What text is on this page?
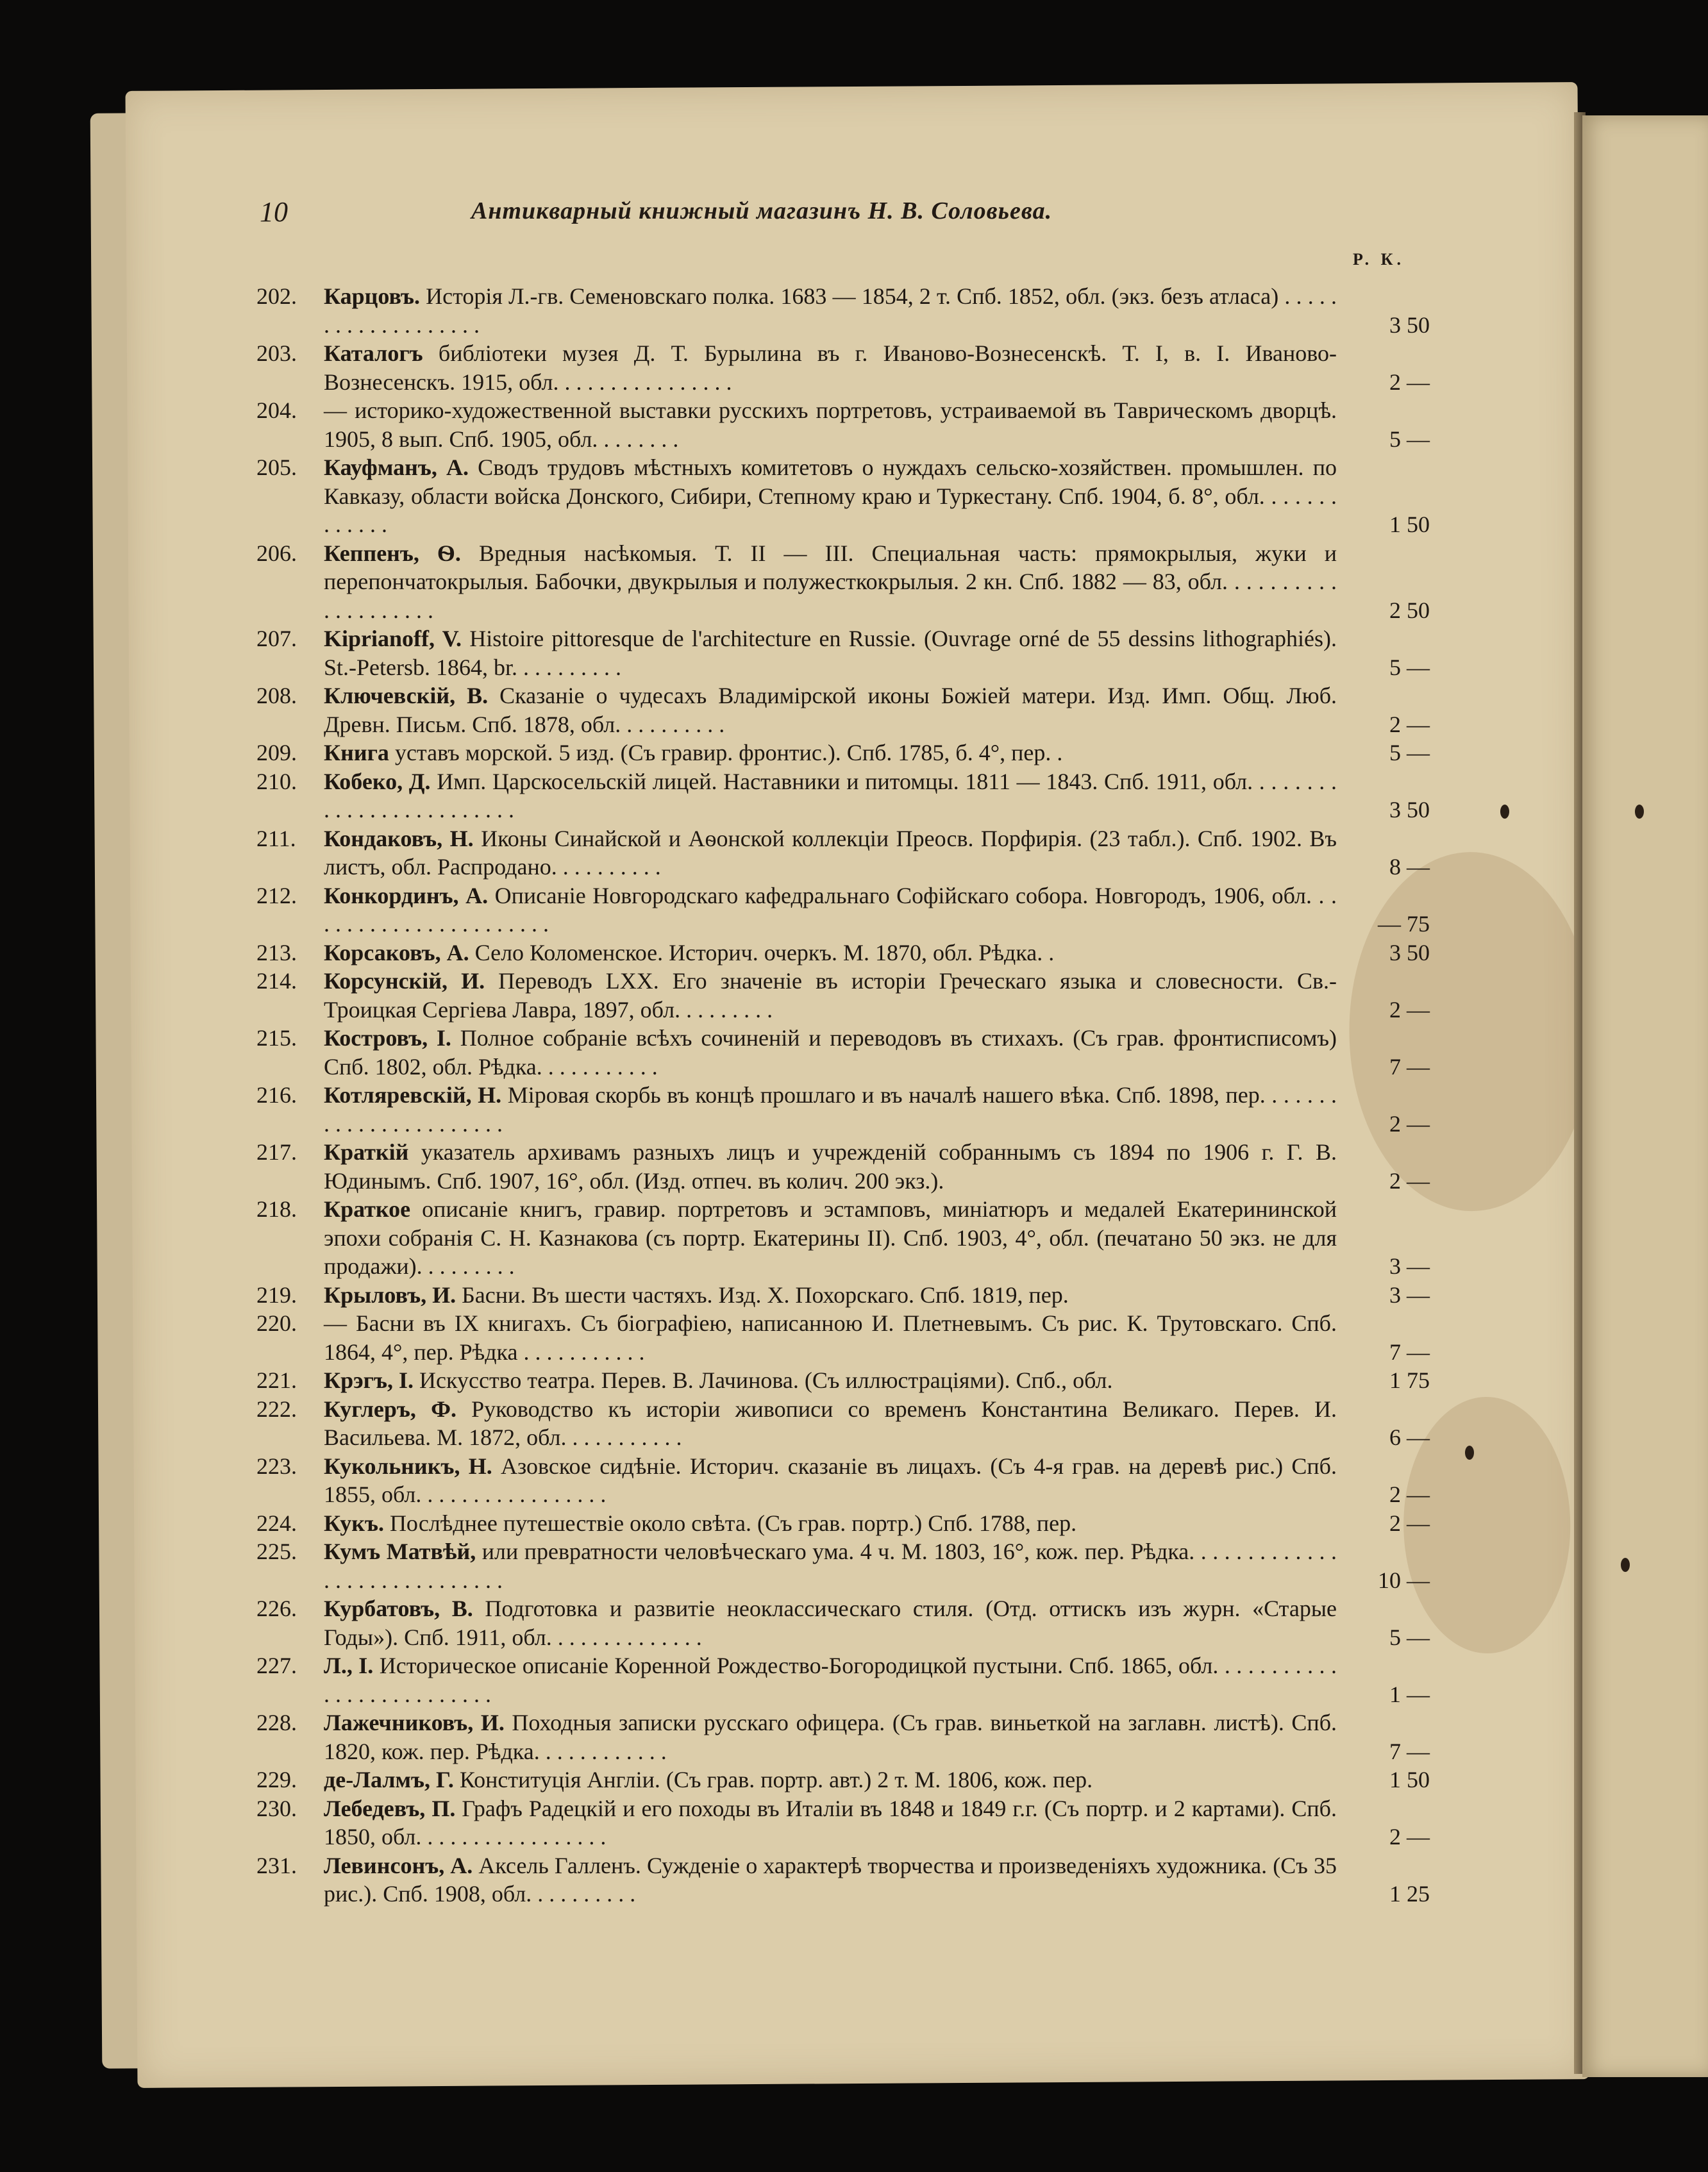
10	Антикварный книжный магазинъ Н. В. Соловьева.
Р. К.
202.	Карцовъ. Исторія Л.-гв. Семеновскаго полка. 1683 — 1854, 2 т. Спб. 1852, обл. (экз. безъ атласа) . . . . . . . . . . . . . . . . . . .	3 50
203.	Каталогъ библіотеки музея Д. Т. Бурылина въ г. Иваново-Вознесенскѣ. Т. I, в. I. Иваново-Вознесенскъ. 1915, обл. . . . . . . . . . . . . . . .	2 —
204.	— историко-художественной выставки русскихъ портретовъ, устраиваемой въ Таврическомъ дворцѣ. 1905, 8 вып. Спб. 1905, обл. . . . . . . .	5 —
205.	Кауфманъ, А. Сводъ трудовъ мѣстныхъ комитетовъ о нуждахъ сельско-хозяйствен. промышлен. по Кавказу, области войска Донского, Сибири, Степному краю и Туркестану. Спб. 1904, б. 8°, обл. . . . . . . . . . . . .	1 50
206.	Кеппенъ, Ѳ. Вредныя насѣкомыя. Т. II — III. Специальная часть: прямокрылыя, жуки и перепончатокрылыя. Бабочки, двукрылыя и полужесткокрылыя. 2 кн. Спб. 1882 — 83, обл. . . . . . . . . . . . . . . . . . . .	2 50
207.	Kiprianoff, V. Histoire pittoresque de l'architecture en Russie. (Ouvrage orné de 55 dessins lithographiés). St.-Petersb. 1864, br. . . . . . . . . .	5 —
208.	Ключевскій, В. Сказаніе о чудесахъ Владимірской иконы Божіей матери. Изд. Имп. Общ. Люб. Древн. Письм. Спб. 1878, обл. . . . . . . . . .	2 —
209.	Книга уставъ морской. 5 изд. (Съ гравир. фронтис.). Спб. 1785, б. 4°, пер. .	5 —
210.	Кобеко, Д. Имп. Царскосельскій лицей. Наставники и питомцы. 1811 — 1843. Спб. 1911, обл. . . . . . . . . . . . . . . . . . . . . . . . .	3 50
211.	Кондаковъ, Н. Иконы Синайской и Аѳонской коллекціи Преосв. Порфирія. (23 табл.). Спб. 1902. Въ листъ, обл. Распродано. . . . . . . . . .	8 —
212.	Конкординъ, А. Описаніе Новгородскаго кафедральнаго Софійскаго собора. Новгородъ, 1906, обл. . . . . . . . . . . . . . . . . . . . . . .	— 75
213.	Корсаковъ, А. Село Коломенское. Историч. очеркъ. М. 1870, обл. Рѣдка. .	3 50
214.	Корсунскій, И. Переводъ LXX. Его значеніе въ исторіи Греческаго языка и словесности. Св.-Троицкая Сергіева Лавра, 1897, обл. . . . . . . . .	2 —
215.	Костровъ, І. Полное собраніе всѣхъ сочиненій и переводовъ въ стихахъ. (Съ грав. фронтисписомъ) Спб. 1802, обл. Рѣдка. . . . . . . . . . .	7 —
216.	Котляревскій, Н. Міровая скорбь въ концѣ прошлаго и въ началѣ нашего вѣка. Спб. 1898, пер. . . . . . . . . . . . . . . . . . . . . . .	2 —
217.	Краткій указатель архивамъ разныхъ лицъ и учрежденій собраннымъ съ 1894 по 1906 г. Г. В. Юдинымъ. Спб. 1907, 16°, обл. (Изд. отпеч. въ колич. 200 экз.).	2 —
218.	Краткое описаніе книгъ, гравир. портретовъ и эстамповъ, миніатюръ и медалей Екатерининской эпохи собранія С. Н. Казнакова (съ портр. Екатерины II). Спб. 1903, 4°, обл. (печатано 50 экз. не для продажи). . . . . . . . .	3 —
219.	Крыловъ, И. Басни. Въ шести частяхъ. Изд. Х. Похорскаго. Спб. 1819, пер.	3 —
220.	— Басни въ IX книгахъ. Съ біографіею, написанною И. Плетневымъ. Съ рис. К. Трутовскаго. Спб. 1864, 4°, пер. Рѣдка . . . . . . . . . . .	7 —
221.	Крэгъ, І. Искусство театра. Перев. В. Лачинова. (Съ иллюстраціями). Спб., обл.	1 75
222.	Куглеръ, Ф. Руководство къ исторіи живописи со временъ Константина Великаго. Перев. И. Васильева. М. 1872, обл. . . . . . . . . . .	6 —
223.	Кукольникъ, Н. Азовское сидѣніе. Историч. сказаніе въ лицахъ. (Съ 4-я грав. на деревѣ рис.) Спб. 1855, обл. . . . . . . . . . . . . . . . .	2 —
224.	Кукъ. Послѣднее путешествіе около свѣта. (Съ грав. портр.) Спб. 1788, пер.	2 —
225.	Кумъ Матвѣй, или превратности человѣческаго ума. 4 ч. М. 1803, 16°, кож. пер. Рѣдка. . . . . . . . . . . . . . . . . . . . . . . . . . . . .	10 —
226.	Курбатовъ, В. Подготовка и развитіе неоклассическаго стиля. (Отд. оттискъ изъ журн. «Старые Годы»). Спб. 1911, обл. . . . . . . . . . . . . .	5 —
227.	Л., І. Историческое описаніе Коренной Рождество-Богородицкой пустыни. Спб. 1865, обл. . . . . . . . . . . . . . . . . . . . . . . . . .	1 —
228.	Лажечниковъ, И. Походныя записки русскаго офицера. (Съ грав. виньеткой на заглавн. листѣ). Спб. 1820, кож. пер. Рѣдка. . . . . . . . . . . .	7 —
229.	де-Лалмъ, Г. Конституція Англіи. (Съ грав. портр. авт.) 2 т. М. 1806, кож. пер.	1 50
230.	Лебедевъ, П. Графъ Радецкій и его походы въ Италіи въ 1848 и 1849 г.г. (Съ портр. и 2 картами). Спб. 1850, обл. . . . . . . . . . . . . . . . .	2 —
231.	Левинсонъ, А. Аксель Галленъ. Сужденіе о характерѣ творчества и произведеніяхъ художника. (Съ 35 рис.). Спб. 1908, обл. . . . . . . . . .	1 25
